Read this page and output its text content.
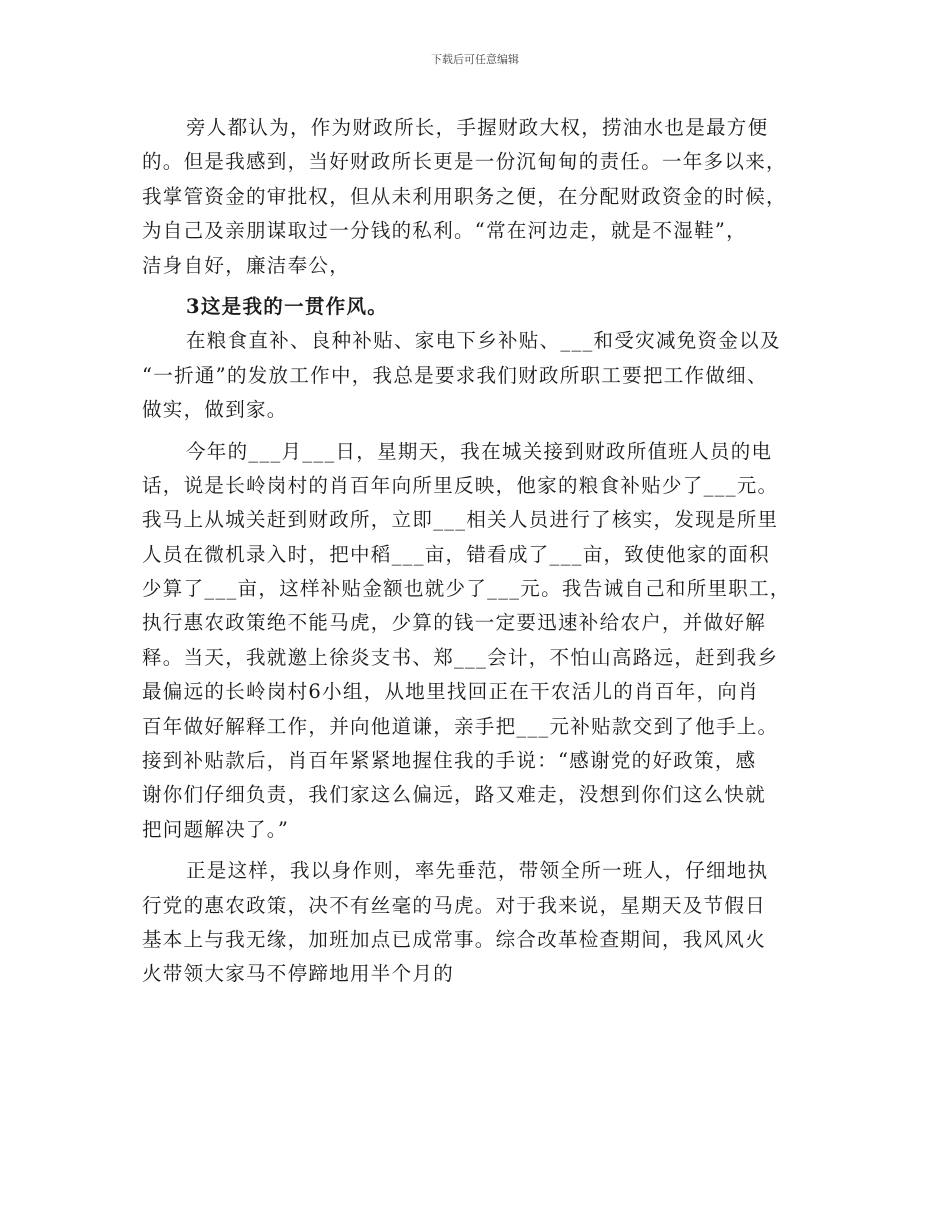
下载后可任意编辑
旁人都认为，作为财政所长，手握财政大权，捞油水也是最方便
的。但是我感到，当好财政所长更是一份沉甸甸的责任。一年多以来，
我掌管资金的审批权，但从未利用职务之便，在分配财政资金的时候，
为自己及亲朋谋取过一分钱的私利。“常在河边走，就是不湿鞋”，
洁身自好，廉洁奉公，
3这是我的一贯作风。
在粮食直补、良种补贴、家电下乡补贴、___和受灾减免资金以及
“一折通”的发放工作中，我总是要求我们财政所职工要把工作做细、
做实，做到家。
今年的___月___日，星期天，我在城关接到财政所值班人员的电
话，说是长岭岗村的肖百年向所里反映，他家的粮食补贴少了___元。
我马上从城关赶到财政所，立即___相关人员进行了核实，发现是所里
人员在微机录入时，把中稻___亩，错看成了___亩，致使他家的面积
少算了___亩，这样补贴金额也就少了___元。我告诫自己和所里职工，
执行惠农政策绝不能马虎，少算的钱一定要迅速补给农户，并做好解
释。当天，我就邀上徐炎支书、郑___会计，不怕山高路远，赶到我乡
最偏远的长岭岗村6小组，从地里找回正在干农活儿的肖百年，向肖
百年做好解释工作，并向他道谦，亲手把___元补贴款交到了他手上。
接到补贴款后，肖百年紧紧地握住我的手说：“感谢党的好政策，感
谢你们仔细负责，我们家这么偏远，路又难走，没想到你们这么快就
把问题解决了。”
正是这样，我以身作则，率先垂范，带领全所一班人，仔细地执
行党的惠农政策，决不有丝毫的马虎。对于我来说，星期天及节假日
基本上与我无缘，加班加点已成常事。综合改革检查期间，我风风火
火带领大家马不停蹄地用半个月的
